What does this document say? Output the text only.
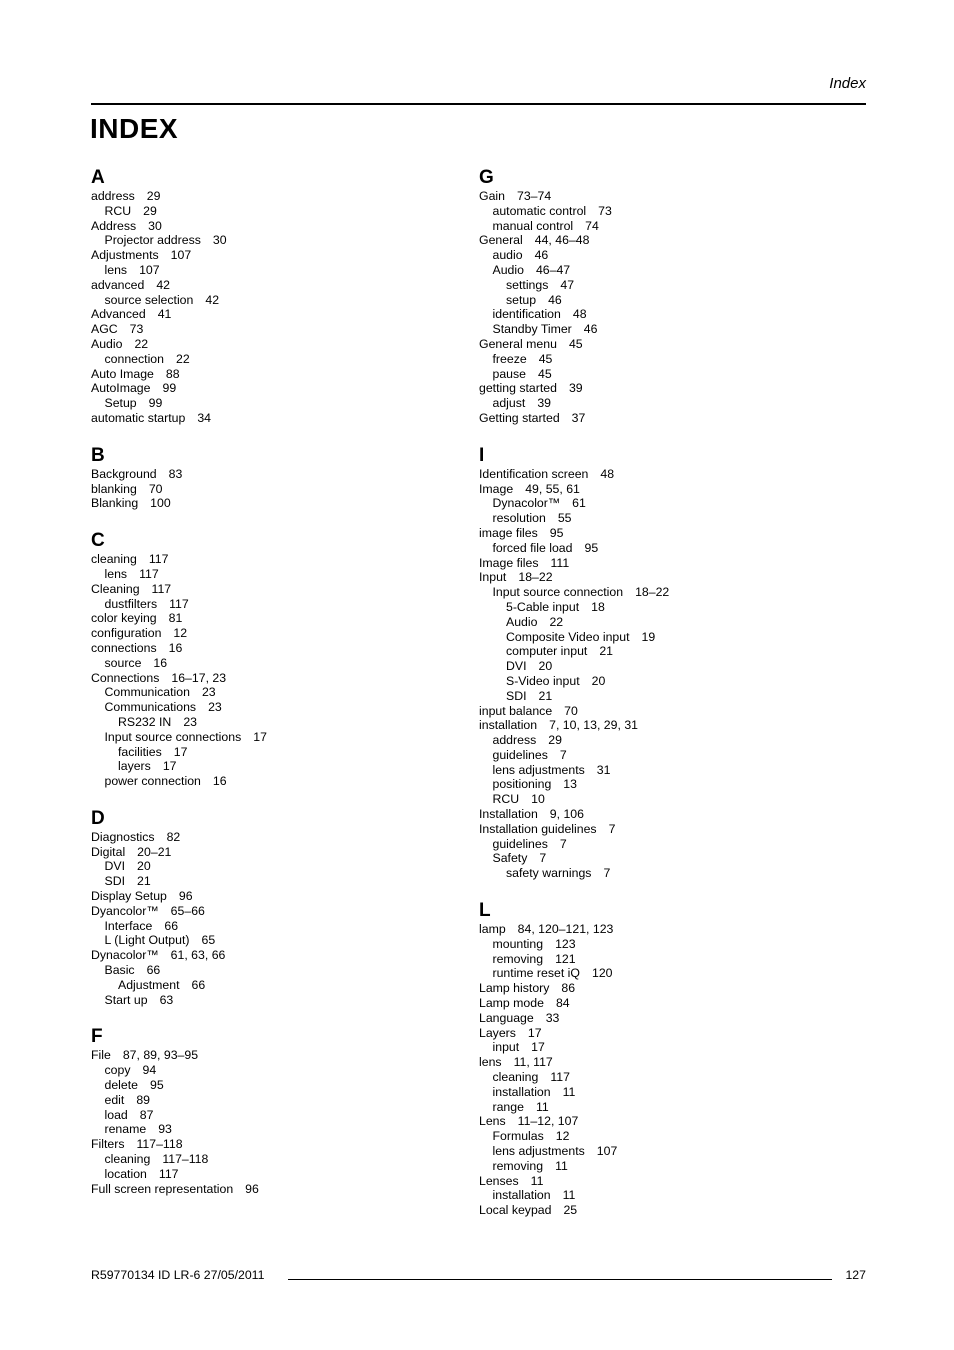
Index
INDEX
A
address 29
RCU 29
Address 30
Projector address 30
Adjustments 107
lens 107
advanced 42
source selection 42
Advanced 41
AGC 73
Audio 22
connection 22
Auto Image 88
AutoImage 99
Setup 99
automatic startup 34
B
Background 83
blanking 70
Blanking 100
C
cleaning 117
lens 117
Cleaning 117
dustfilters 117
color keying 81
configuration 12
connections 16
source 16
Connections 16–17, 23
Communication 23
Communications 23
RS232 IN 23
Input source connections 17
facilities 17
layers 17
power connection 16
D
Diagnostics 82
Digital 20–21
DVI 20
SDI 21
Display Setup 96
Dyancolor™ 65–66
Interface 66
L (Light Output) 65
Dynacolor™ 61, 63, 66
Basic 66
Adjustment 66
Start up 63
F
File 87, 89, 93–95
copy 94
delete 95
edit 89
load 87
rename 93
Filters 117–118
cleaning 117–118
location 117
Full screen representation 96
G
Gain 73–74
automatic control 73
manual control 74
General 44, 46–48
audio 46
Audio 46–47
settings 47
setup 46
identification 48
Standby Timer 46
General menu 45
freeze 45
pause 45
getting started 39
adjust 39
Getting started 37
I
Identification screen 48
Image 49, 55, 61
Dynacolor™ 61
resolution 55
image files 95
forced file load 95
Image files 111
Input 18–22
Input source connection 18–22
5-Cable input 18
Audio 22
Composite Video input 19
computer input 21
DVI 20
S-Video input 20
SDI 21
input balance 70
installation 7, 10, 13, 29, 31
address 29
guidelines 7
lens adjustments 31
positioning 13
RCU 10
Installation 9, 106
Installation guidelines 7
guidelines 7
Safety 7
safety warnings 7
L
lamp 84, 120–121, 123
mounting 123
removing 121
runtime reset iQ 120
Lamp history 86
Lamp mode 84
Language 33
Layers 17
input 17
lens 11, 117
cleaning 117
installation 11
range 11
Lens 11–12, 107
Formulas 12
lens adjustments 107
removing 11
Lenses 11
installation 11
Local keypad 25
R59770134 ID LR-6 27/05/2011	127
